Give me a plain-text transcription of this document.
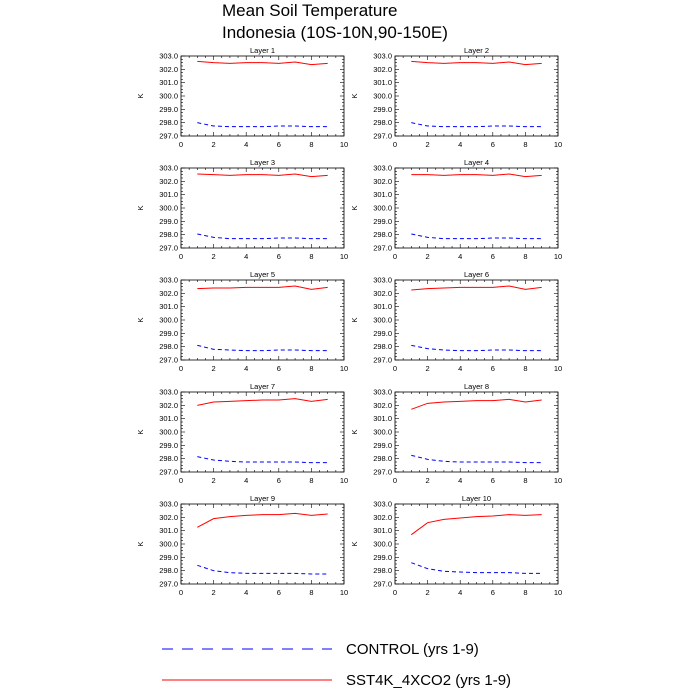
Mean Soil Temperature
Indonesia (10S-10N,90-150E)
Layer 1
K
297.0
298.0
299.0
300.0
301.0
302.0
303.0
0	2	4	6	8	10
Layer 2
K
297.0
298.0
299.0
300.0
301.0
302.0
303.0
0	2	4	6	8	10
Layer 3
K
297.0
298.0
299.0
300.0
301.0
302.0
303.0
0	2	4	6	8	10
Layer 4
K
297.0
298.0
299.0
300.0
301.0
302.0
303.0
0	2	4	6	8	10
Layer 5
K
297.0
298.0
299.0
300.0
301.0
302.0
303.0
0	2	4	6	8	10
Layer 6
K
297.0
298.0
299.0
300.0
301.0
302.0
303.0
0	2	4	6	8	10
Layer 7
K
297.0
298.0
299.0
300.0
301.0
302.0
303.0
0	2	4	6	8	10
Layer 8
K
297.0
298.0
299.0
300.0
301.0
302.0
303.0
0	2	4	6	8	10
Layer 9
K
297.0
298.0
299.0
300.0
301.0
302.0
303.0
0	2	4	6	8	10
Layer 10
K
297.0
298.0
299.0
300.0
301.0
302.0
303.0
0	2	4	6	8	10
CONTROL (yrs 1-9)
SST4K_4XCO2 (yrs 1-9)
